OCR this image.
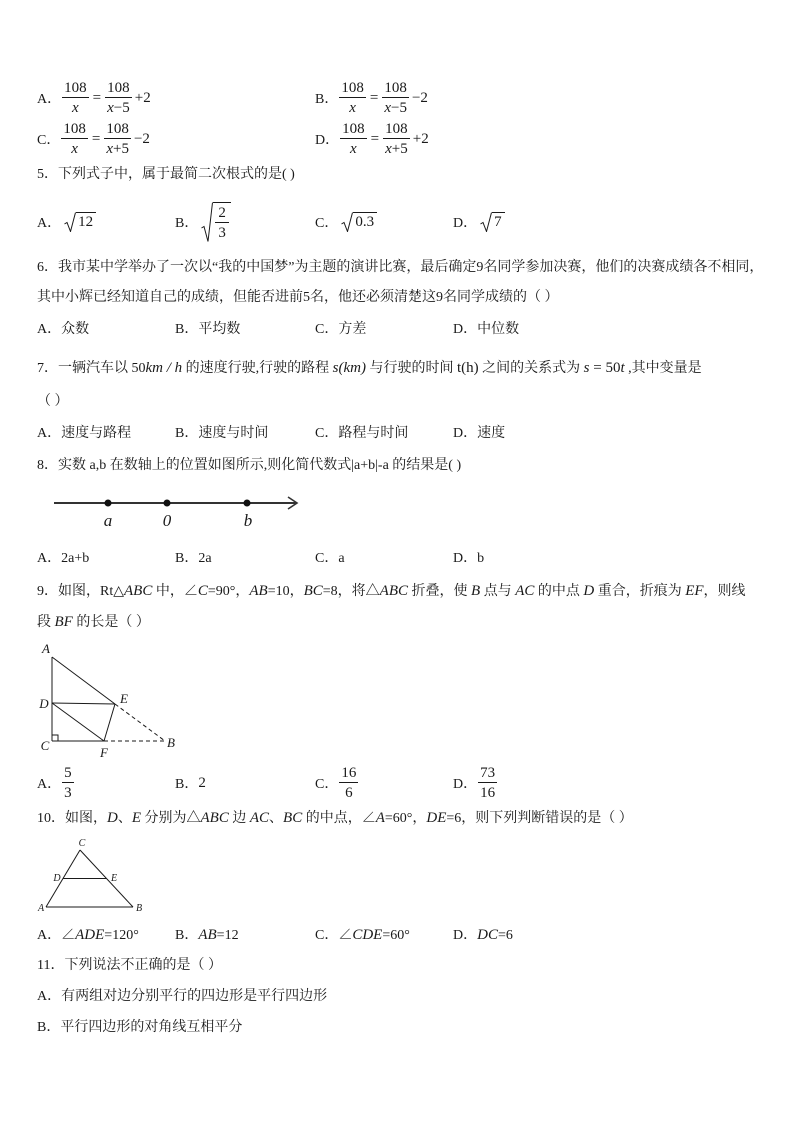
A． $\frac{108}{x} = \frac{108}{x-5} +2$	B． $\frac{108}{x} = \frac{108}{x-5} -2$
C． $\frac{108}{x} = \frac{108}{x+5} -2$	D． $\frac{108}{x} = \frac{108}{x+5} +2$

5．下列式子中，属于最简二次根式的是( )

A． 12	B． $\frac{2}{3}$	C． 0.3	D． 7

6．我市某中学举办了一次以“我的中国梦”为主题的演讲比赛，最后确定9名同学参加决赛，他们的决赛成绩各不相同，

其中小辉已经知道自己的成绩，但能否进前5名，他还必须清楚这9名同学成绩的（ ）

A．众数	B．平均数	C．方差	D．中位数

7．一辆汽车以 50km / h 的速度行驶,行驶的路程 s(km) 与行驶的时间 t(h) 之间的关系式为 s = 50t ,其中变量是

（ ）

A．速度与路程	B．速度与时间	C．路程与时间	D．速度

8．实数 a,b 在数轴上的位置如图所示,则化简代数式|a+b|-a 的结果是( )

a	0	b
A．2a+b	B．2a	C．a	D．b

9．如图，Rt△ABC 中，∠C=90°，AB=10，BC=8，将△ABC 折叠，使 B 点与 AC 的中点 D 重合，折痕为 EF，则线

段 BF 的长是（ ）

A
D
C
E
F
B
A． $\frac{5}{3}$	B． 2	C． $\frac{16}{6}$	D． $\frac{73}{16}$

10．如图，D、E 分别为△ABC 边 AC、BC 的中点，∠A=60°，DE=6，则下列判断错误的是（ ）

C
D	E
A	B
A．∠ADE=120°	B．AB=12	C．∠CDE=60°	D．DC=6

11．下列说法不正确的是（ ）

A．有两组对边分别平行的四边形是平行四边形

B．平行四边形的对角线互相平分
